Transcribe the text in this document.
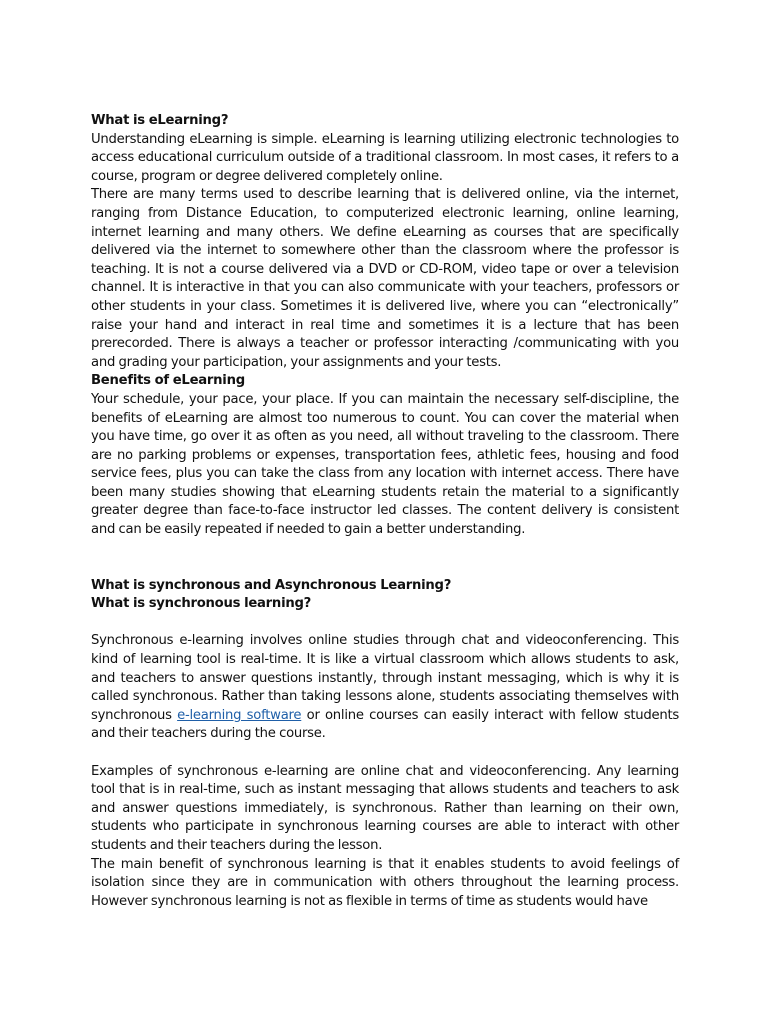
What is eLearning?

Understanding eLearning is simple. eLearning is learning utilizing electronic technologies to access educational curriculum outside of a traditional classroom. In most cases, it refers to a course, program or degree delivered completely online.

There are many terms used to describe learning that is delivered online, via the internet, ranging from Distance Education, to computerized electronic learning, online learning, internet learning and many others. We define eLearning as courses that are specifically delivered via the internet to somewhere other than the classroom where the professor is teaching. It is not a course delivered via a DVD or CD-ROM, video tape or over a television channel. It is interactive in that you can also communicate with your teachers, professors or other students in your class. Sometimes it is delivered live, where you can “electronically” raise your hand and interact in real time and sometimes it is a lecture that has been prerecorded. There is always a teacher or professor interacting /communicating with you and grading your participation, your assignments and your tests.

Benefits of eLearning

Your schedule, your pace, your place. If you can maintain the necessary self-discipline, the benefits of eLearning are almost too numerous to count. You can cover the material when you have time, go over it as often as you need, all without traveling to the classroom. There are no parking problems or expenses, transportation fees, athletic fees, housing and food service fees, plus you can take the class from any location with internet access. There have been many studies showing that eLearning students retain the material to a significantly greater degree than face-to-face instructor led classes. The content delivery is consistent and can be easily repeated if needed to gain a better understanding.

What is synchronous and Asynchronous Learning?
What is synchronous learning?

Synchronous e-learning involves online studies through chat and videoconferencing. This kind of learning tool is real-time. It is like a virtual classroom which allows students to ask, and teachers to answer questions instantly, through instant messaging, which is why it is called synchronous. Rather than taking lessons alone, students associating themselves with synchronous e-learning software or online courses can easily interact with fellow students and their teachers during the course.

Examples of synchronous e-learning are online chat and videoconferencing. Any learning tool that is in real-time, such as instant messaging that allows students and teachers to ask and answer questions immediately, is synchronous. Rather than learning on their own, students who participate in synchronous learning courses are able to interact with other students and their teachers during the lesson.

The main benefit of synchronous learning is that it enables students to avoid feelings of isolation since they are in communication with others throughout the learning process. However synchronous learning is not as flexible in terms of time as students would have
